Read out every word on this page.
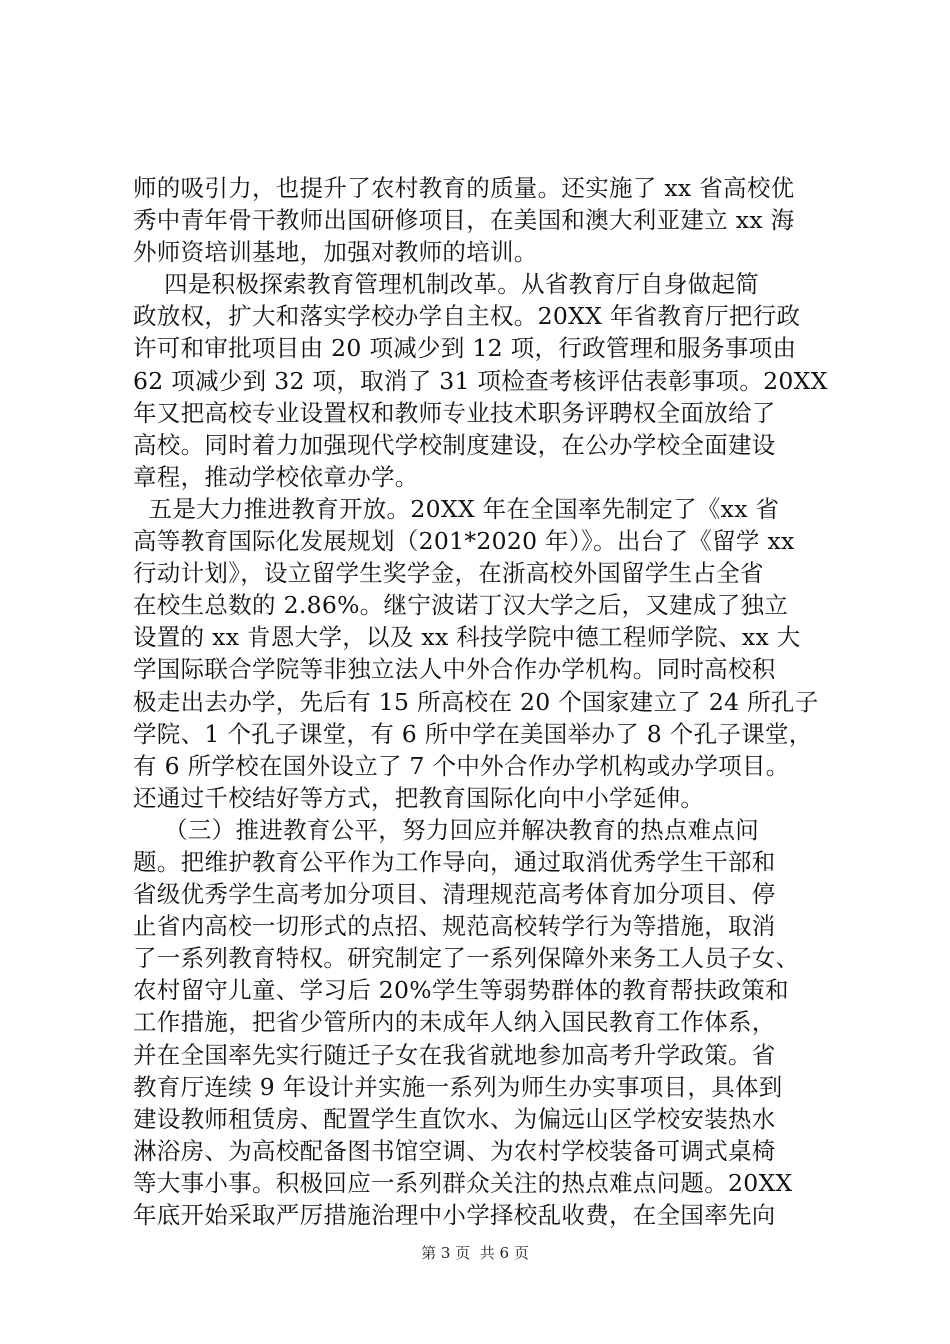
师的吸引力，也提升了农村教育的质量。还实施了 xx 省高校优
秀中青年骨干教师出国研修项目，在美国和澳大利亚建立 xx 海
外师资培训基地，加强对教师的培训。
四是积极探索教育管理机制改革。从省教育厅自身做起简
政放权，扩大和落实学校办学自主权。20XX 年省教育厅把行政
许可和审批项目由 20 项减少到 12 项，行政管理和服务事项由
62 项减少到 32 项，取消了 31 项检查考核评估表彰事项。20XX
年又把高校专业设置权和教师专业技术职务评聘权全面放给了
高校。同时着力加强现代学校制度建设，在公办学校全面建设
章程，推动学校依章办学。
五是大力推进教育开放。20XX 年在全国率先制定了《xx 省
高等教育国际化发展规划（201*2020 年）》。出台了《留学 xx
行动计划》，设立留学生奖学金，在浙高校外国留学生占全省
在校生总数的 2.86%。继宁波诺丁汉大学之后，又建成了独立
设置的 xx 肯恩大学，以及 xx 科技学院中德工程师学院、xx 大
学国际联合学院等非独立法人中外合作办学机构。同时高校积
极走出去办学，先后有 15 所高校在 20 个国家建立了 24 所孔子
学院、1 个孔子课堂，有 6 所中学在美国举办了 8 个孔子课堂，
有 6 所学校在国外设立了 7 个中外合作办学机构或办学项目。
还通过千校结好等方式，把教育国际化向中小学延伸。
（三）推进教育公平，努力回应并解决教育的热点难点问
题。把维护教育公平作为工作导向，通过取消优秀学生干部和
省级优秀学生高考加分项目、清理规范高考体育加分项目、停
止省内高校一切形式的点招、规范高校转学行为等措施，取消
了一系列教育特权。研究制定了一系列保障外来务工人员子女、
农村留守儿童、学习后 20%学生等弱势群体的教育帮扶政策和
工作措施，把省少管所内的未成年人纳入国民教育工作体系，
并在全国率先实行随迁子女在我省就地参加高考升学政策。省
教育厅连续 9 年设计并实施一系列为师生办实事项目，具体到
建设教师租赁房、配置学生直饮水、为偏远山区学校安装热水
淋浴房、为高校配备图书馆空调、为农村学校装备可调式桌椅
等大事小事。积极回应一系列群众关注的热点难点问题。20XX
年底开始采取严厉措施治理中小学择校乱收费，在全国率先向
第 3 页  共 6 页
